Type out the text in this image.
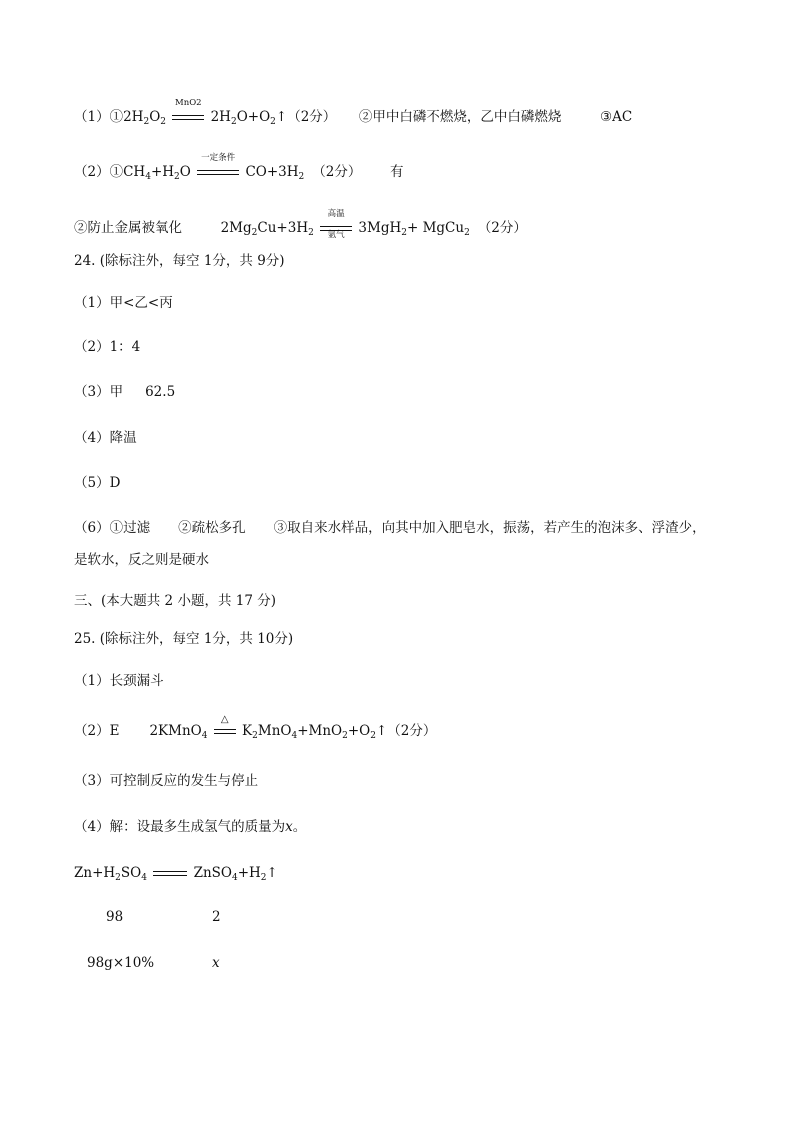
$(1)①2H_2O_2$
MnO2
$2H_2O+O_2↑(2$分） ②甲中白磷不燃烧，乙中白磷燃烧	③AC
$(2)①CH_4+H_2O$
一定条件
$CO+3H_2$ （2分） 有
②防止金属被氧化	$2Mg_2Cu+3H_2$
高温
氩气	3MgH$_2$+ MgCu$_2$ （2分）
24. (除标注外，每空 1分，共 9分)
（1）甲<乙<丙
（2）1：4
（3）甲 62.5
（4）降温
（5）D
（6）①过滤 ②疏松多孔 ③取自来水样品，向其中加入肥皂水，振荡，若产生的泡沫多、浮渣少，
是软水，反之则是硬水
三、(本大题共 2 小题，共 17 分)
25. (除标注外，每空 1分，共 10分)
（1）长颈漏斗
（2）E 2KMnO$_4$
△
$K_2MnO_4+MnO_2+O_2↑(2$分）
（3）可控制反应的发生与停止
（4）解：设最多生成氢气的质量为x。
$Zn+H_2SO_4$	$ZnSO_4+H_2↑$
98	2
98g×10%	x
